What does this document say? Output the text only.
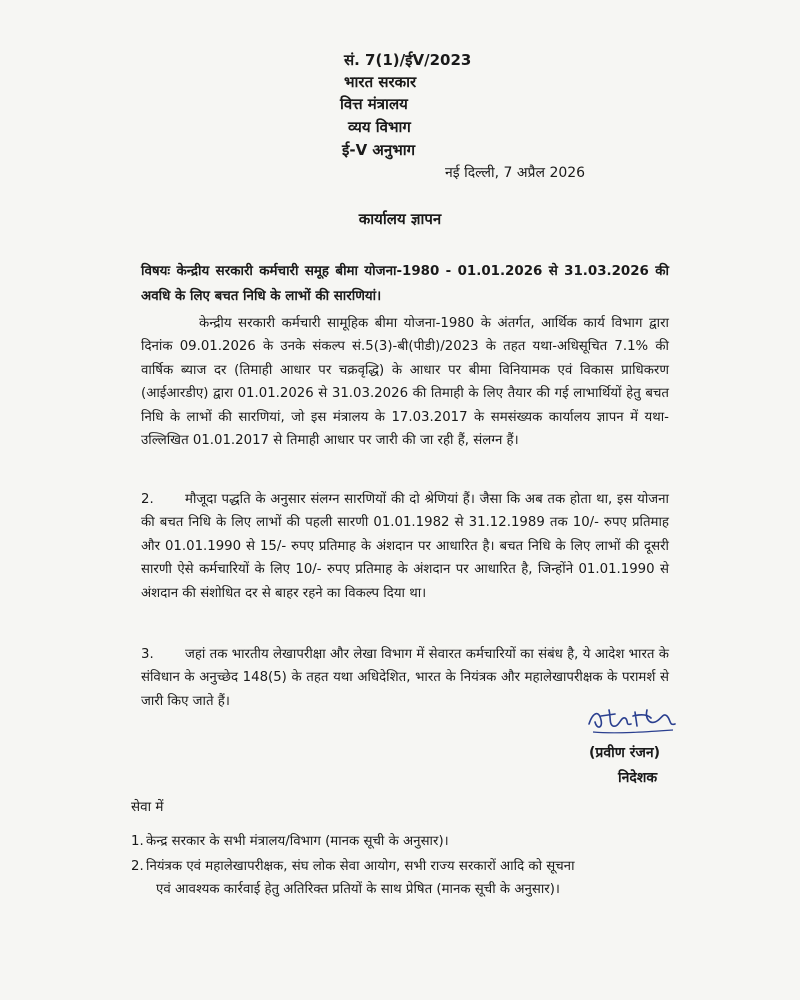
सं. 7(1)/ईV/2023
भारत सरकार
वित्त मंत्रालय
व्यय विभाग
ई-V अनुभाग
नई दिल्ली, 7 अप्रैल 2026
कार्यालय ज्ञापन
विषयः केन्द्रीय सरकारी कर्मचारी समूह बीमा योजना-1980 - 01.01.2026 से 31.03.2026 की अवधि के लिए बचत निधि के लाभों की सारणियां।
केन्द्रीय सरकारी कर्मचारी सामूहिक बीमा योजना-1980 के अंतर्गत, आर्थिक कार्य विभाग द्वारा दिनांक 09.01.2026 के उनके संकल्प सं.5(3)-बी(पीडी)/2023 के तहत यथा-अधिसूचित 7.1% की वार्षिक ब्याज दर (तिमाही आधार पर चक्रवृद्धि) के आधार पर बीमा विनियामक एवं विकास प्राधिकरण (आईआरडीए) द्वारा 01.01.2026 से 31.03.2026 की तिमाही के लिए तैयार की गई लाभार्थियों हेतु बचत निधि के लाभों की सारणियां, जो इस मंत्रालय के 17.03.2017 के समसंख्यक कार्यालय ज्ञापन में यथा-उल्लिखित 01.01.2017 से तिमाही आधार पर जारी की जा रही हैं, संलग्न हैं।
2. मौजूदा पद्धति के अनुसार संलग्न सारणियों की दो श्रेणियां हैं। जैसा कि अब तक होता था, इस योजना की बचत निधि के लिए लाभों की पहली सारणी 01.01.1982 से 31.12.1989 तक 10/- रुपए प्रतिमाह और 01.01.1990 से 15/- रुपए प्रतिमाह के अंशदान पर आधारित है। बचत निधि के लिए लाभों की दूसरी सारणी ऐसे कर्मचारियों के लिए 10/- रुपए प्रतिमाह के अंशदान पर आधारित है, जिन्होंने 01.01.1990 से अंशदान की संशोधित दर से बाहर रहने का विकल्प दिया था।
3. जहां तक भारतीय लेखापरीक्षा और लेखा विभाग में सेवारत कर्मचारियों का संबंध है, ये आदेश भारत के संविधान के अनुच्छेद 148(5) के तहत यथा अधिदेशित, भारत के नियंत्रक और महालेखापरीक्षक के परामर्श से जारी किए जाते हैं।
(प्रवीण रंजन)
निदेशक
सेवा में
1. केन्द्र सरकार के सभी मंत्रालय/विभाग (मानक सूची के अनुसार)।
2. नियंत्रक एवं महालेखापरीक्षक, संघ लोक सेवा आयोग, सभी राज्य सरकारों आदि को सूचना
एवं आवश्यक कार्रवाई हेतु अतिरिक्त प्रतियों के साथ प्रेषित (मानक सूची के अनुसार)।
